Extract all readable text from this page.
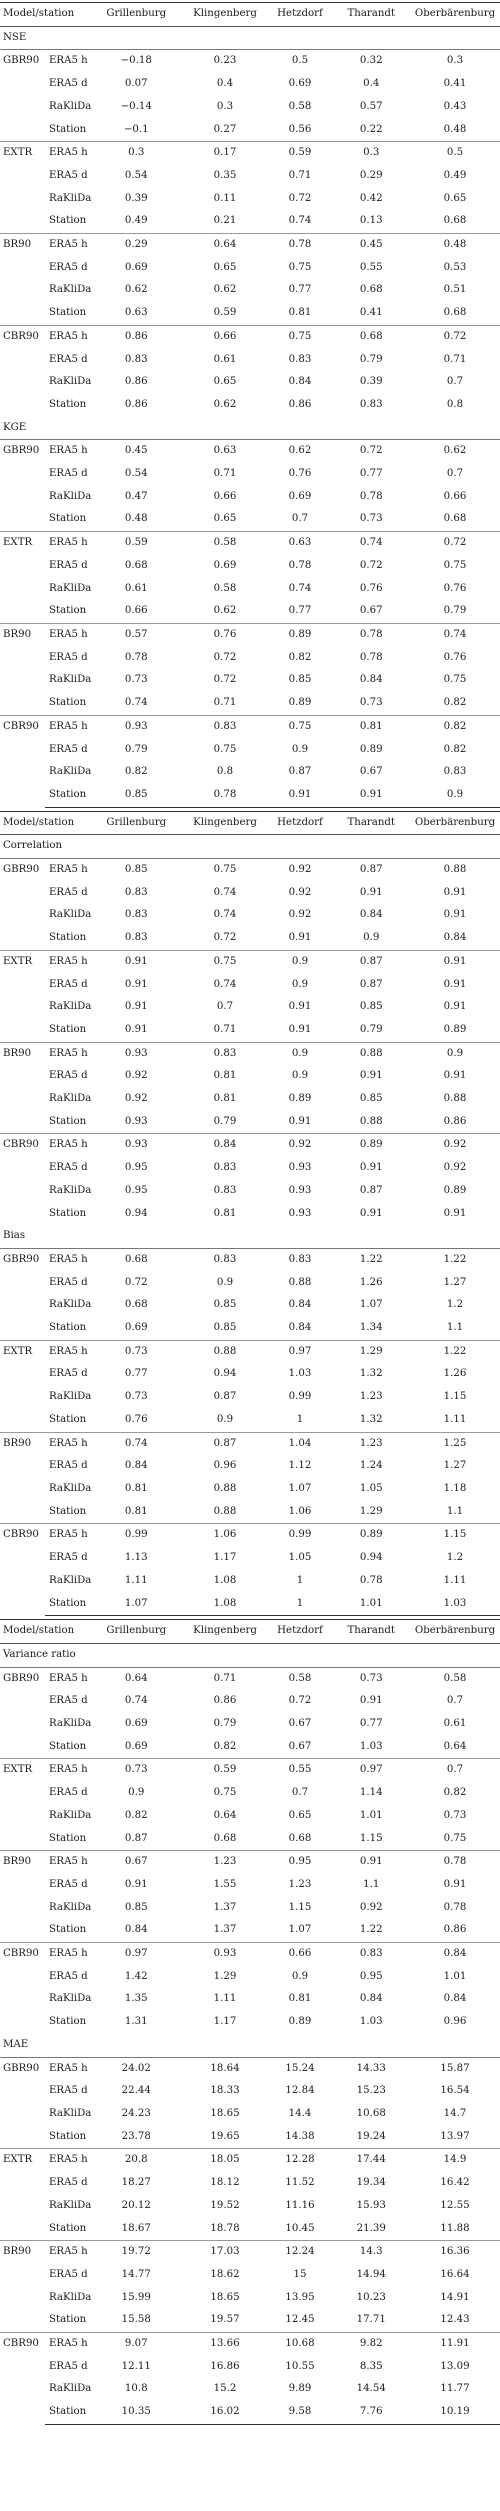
Model/station		Grillenburg	Klingenberg	Hetzdorf	Tharandt	Oberbärenburg
NSE						
GBR90	ERA5 h	−0.18	0.23	0.5	0.32	0.3
	ERA5 d	0.07	0.4	0.69	0.4	0.41
	RaKliDa	−0.14	0.3	0.58	0.57	0.43
	Station	−0.1	0.27	0.56	0.22	0.48
EXTR	ERA5 h	0.3	0.17	0.59	0.3	0.5
	ERA5 d	0.54	0.35	0.71	0.29	0.49
	RaKliDa	0.39	0.11	0.72	0.42	0.65
	Station	0.49	0.21	0.74	0.13	0.68
BR90	ERA5 h	0.29	0.64	0.78	0.45	0.48
	ERA5 d	0.69	0.65	0.75	0.55	0.53
	RaKliDa	0.62	0.62	0.77	0.68	0.51
	Station	0.63	0.59	0.81	0.41	0.68
CBR90	ERA5 h	0.86	0.66	0.75	0.68	0.72
	ERA5 d	0.83	0.61	0.83	0.79	0.71
	RaKliDa	0.86	0.65	0.84	0.39	0.7
	Station	0.86	0.62	0.86	0.83	0.8
KGE						
GBR90	ERA5 h	0.45	0.63	0.62	0.72	0.62
	ERA5 d	0.54	0.71	0.76	0.77	0.7
	RaKliDa	0.47	0.66	0.69	0.78	0.66
	Station	0.48	0.65	0.7	0.73	0.68
EXTR	ERA5 h	0.59	0.58	0.63	0.74	0.72
	ERA5 d	0.68	0.69	0.78	0.72	0.75
	RaKliDa	0.61	0.58	0.74	0.76	0.76
	Station	0.66	0.62	0.77	0.67	0.79
BR90	ERA5 h	0.57	0.76	0.89	0.78	0.74
	ERA5 d	0.78	0.72	0.82	0.78	0.76
	RaKliDa	0.73	0.72	0.85	0.84	0.75
	Station	0.74	0.71	0.89	0.73	0.82
CBR90	ERA5 h	0.93	0.83	0.75	0.81	0.82
	ERA5 d	0.79	0.75	0.9	0.89	0.82
	RaKliDa	0.82	0.8	0.87	0.67	0.83
	Station	0.85	0.78	0.91	0.91	0.9
Model/station		Grillenburg	Klingenberg	Hetzdorf	Tharandt	Oberbärenburg
Correlation						
GBR90	ERA5 h	0.85	0.75	0.92	0.87	0.88
	ERA5 d	0.83	0.74	0.92	0.91	0.91
	RaKliDa	0.83	0.74	0.92	0.84	0.91
	Station	0.83	0.72	0.91	0.9	0.84
EXTR	ERA5 h	0.91	0.75	0.9	0.87	0.91
	ERA5 d	0.91	0.74	0.9	0.87	0.91
	RaKliDa	0.91	0.7	0.91	0.85	0.91
	Station	0.91	0.71	0.91	0.79	0.89
BR90	ERA5 h	0.93	0.83	0.9	0.88	0.9
	ERA5 d	0.92	0.81	0.9	0.91	0.91
	RaKliDa	0.92	0.81	0.89	0.85	0.88
	Station	0.93	0.79	0.91	0.88	0.86
CBR90	ERA5 h	0.93	0.84	0.92	0.89	0.92
	ERA5 d	0.95	0.83	0.93	0.91	0.92
	RaKliDa	0.95	0.83	0.93	0.87	0.89
	Station	0.94	0.81	0.93	0.91	0.91
Bias						
GBR90	ERA5 h	0.68	0.83	0.83	1.22	1.22
	ERA5 d	0.72	0.9	0.88	1.26	1.27
	RaKliDa	0.68	0.85	0.84	1.07	1.2
	Station	0.69	0.85	0.84	1.34	1.1
EXTR	ERA5 h	0.73	0.88	0.97	1.29	1.22
	ERA5 d	0.77	0.94	1.03	1.32	1.26
	RaKliDa	0.73	0.87	0.99	1.23	1.15
	Station	0.76	0.9	1	1.32	1.11
BR90	ERA5 h	0.74	0.87	1.04	1.23	1.25
	ERA5 d	0.84	0.96	1.12	1.24	1.27
	RaKliDa	0.81	0.88	1.07	1.05	1.18
	Station	0.81	0.88	1.06	1.29	1.1
CBR90	ERA5 h	0.99	1.06	0.99	0.89	1.15
	ERA5 d	1.13	1.17	1.05	0.94	1.2
	RaKliDa	1.11	1.08	1	0.78	1.11
	Station	1.07	1.08	1	1.01	1.03
Model/station		Grillenburg	Klingenberg	Hetzdorf	Tharandt	Oberbärenburg
Variance ratio						
GBR90	ERA5 h	0.64	0.71	0.58	0.73	0.58
	ERA5 d	0.74	0.86	0.72	0.91	0.7
	RaKliDa	0.69	0.79	0.67	0.77	0.61
	Station	0.69	0.82	0.67	1.03	0.64
EXTR	ERA5 h	0.73	0.59	0.55	0.97	0.7
	ERA5 d	0.9	0.75	0.7	1.14	0.82
	RaKliDa	0.82	0.64	0.65	1.01	0.73
	Station	0.87	0.68	0.68	1.15	0.75
BR90	ERA5 h	0.67	1.23	0.95	0.91	0.78
	ERA5 d	0.91	1.55	1.23	1.1	0.91
	RaKliDa	0.85	1.37	1.15	0.92	0.78
	Station	0.84	1.37	1.07	1.22	0.86
CBR90	ERA5 h	0.97	0.93	0.66	0.83	0.84
	ERA5 d	1.42	1.29	0.9	0.95	1.01
	RaKliDa	1.35	1.11	0.81	0.84	0.84
	Station	1.31	1.17	0.89	1.03	0.96
MAE						
GBR90	ERA5 h	24.02	18.64	15.24	14.33	15.87
	ERA5 d	22.44	18.33	12.84	15.23	16.54
	RaKliDa	24.23	18.65	14.4	10.68	14.7
	Station	23.78	19.65	14.38	19.24	13.97
EXTR	ERA5 h	20.8	18.05	12.28	17.44	14.9
	ERA5 d	18.27	18.12	11.52	19.34	16.42
	RaKliDa	20.12	19.52	11.16	15.93	12.55
	Station	18.67	18.78	10.45	21.39	11.88
BR90	ERA5 h	19.72	17.03	12.24	14.3	16.36
	ERA5 d	14.77	18.62	15	14.94	16.64
	RaKliDa	15.99	18.65	13.95	10.23	14.91
	Station	15.58	19.57	12.45	17.71	12.43
CBR90	ERA5 h	9.07	13.66	10.68	9.82	11.91
	ERA5 d	12.11	16.86	10.55	8.35	13.09
	RaKliDa	10.8	15.2	9.89	14.54	11.77
	Station	10.35	16.02	9.58	7.76	10.19
